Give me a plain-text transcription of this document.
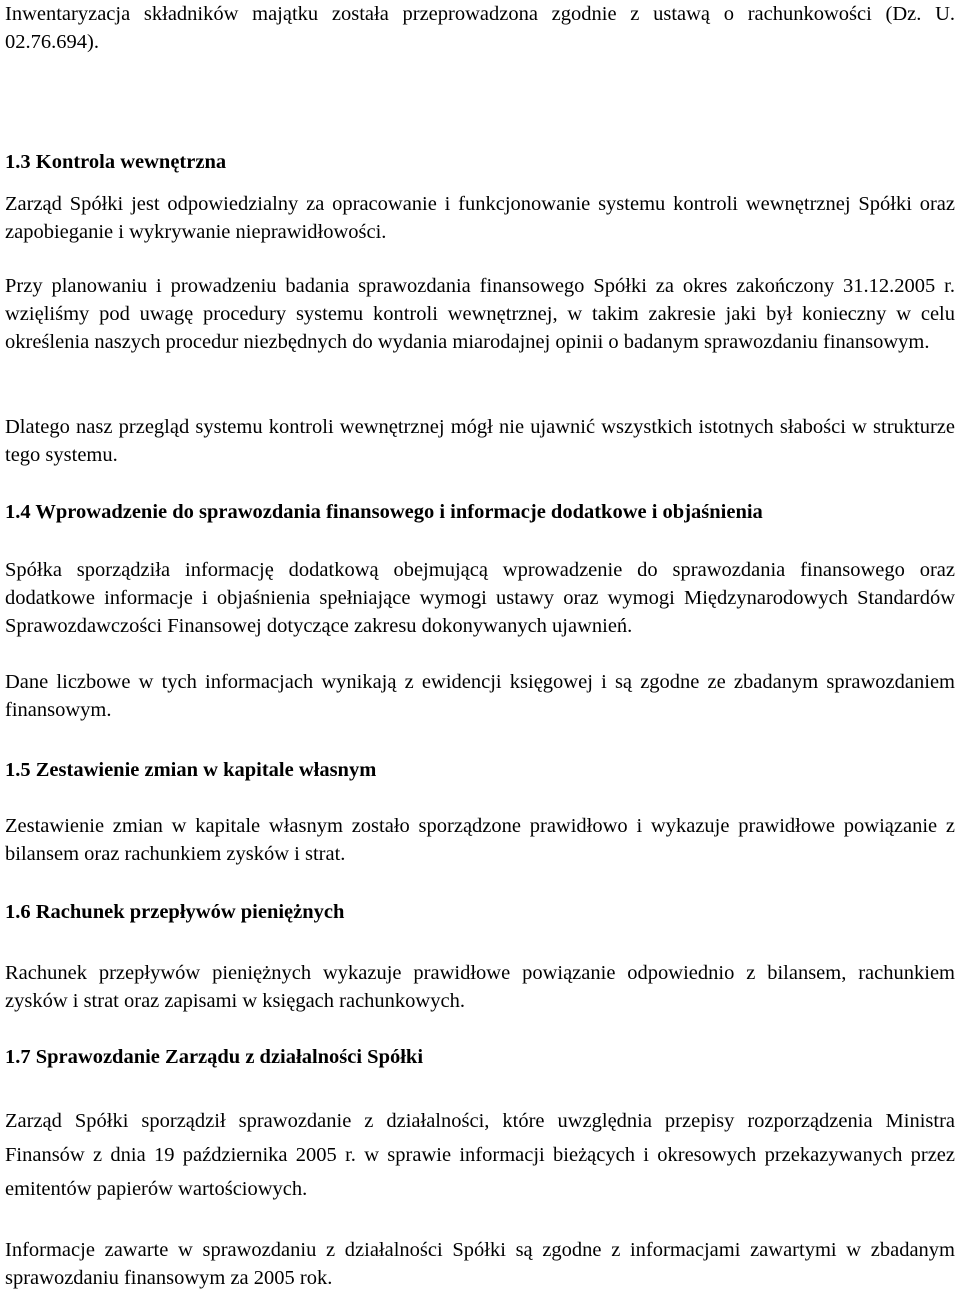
Inwentaryzacja składników majątku została przeprowadzona zgodnie z ustawą o rachunkowości (Dz. U. 02.76.694).

1.3 Kontrola wewnętrzna

Zarząd Spółki jest odpowiedzialny za opracowanie i funkcjonowanie systemu kontroli wewnętrznej Spółki oraz zapobieganie i wykrywanie nieprawidłowości.

Przy planowaniu i prowadzeniu badania sprawozdania finansowego Spółki za okres zakończony 31.12.2005 r. wzięliśmy pod uwagę procedury systemu kontroli wewnętrznej, w takim zakresie jaki był konieczny w celu określenia naszych procedur niezbędnych do wydania miarodajnej opinii o badanym sprawozdaniu finansowym.

Dlatego nasz przegląd systemu kontroli wewnętrznej mógł nie ujawnić wszystkich istotnych słabości w strukturze tego systemu.

1.4 Wprowadzenie do sprawozdania finansowego i informacje dodatkowe i objaśnienia

Spółka sporządziła informację dodatkową obejmującą wprowadzenie do sprawozdania finansowego oraz dodatkowe informacje i objaśnienia spełniające wymogi ustawy oraz wymogi Międzynarodowych Standardów Sprawozdawczości Finansowej dotyczące zakresu dokonywanych ujawnień.

Dane liczbowe w tych informacjach wynikają z ewidencji księgowej i są zgodne ze zbadanym sprawozdaniem finansowym.

1.5 Zestawienie zmian w kapitale własnym

Zestawienie zmian w kapitale własnym zostało sporządzone prawidłowo i wykazuje prawidłowe powiązanie z bilansem oraz rachunkiem zysków i strat.

1.6 Rachunek przepływów pieniężnych

Rachunek przepływów pieniężnych wykazuje prawidłowe powiązanie odpowiednio z bilansem, rachunkiem zysków i strat oraz zapisami w księgach rachunkowych.

1.7 Sprawozdanie Zarządu z działalności Spółki

Zarząd Spółki sporządził sprawozdanie z działalności, które uwzględnia przepisy rozporządzenia Ministra Finansów z dnia 19 października 2005 r. w sprawie informacji bieżących i okresowych przekazywanych przez emitentów papierów wartościowych.

Informacje zawarte w sprawozdaniu z działalności Spółki są zgodne z informacjami zawartymi w zbadanym sprawozdaniu finansowym za 2005 rok.
